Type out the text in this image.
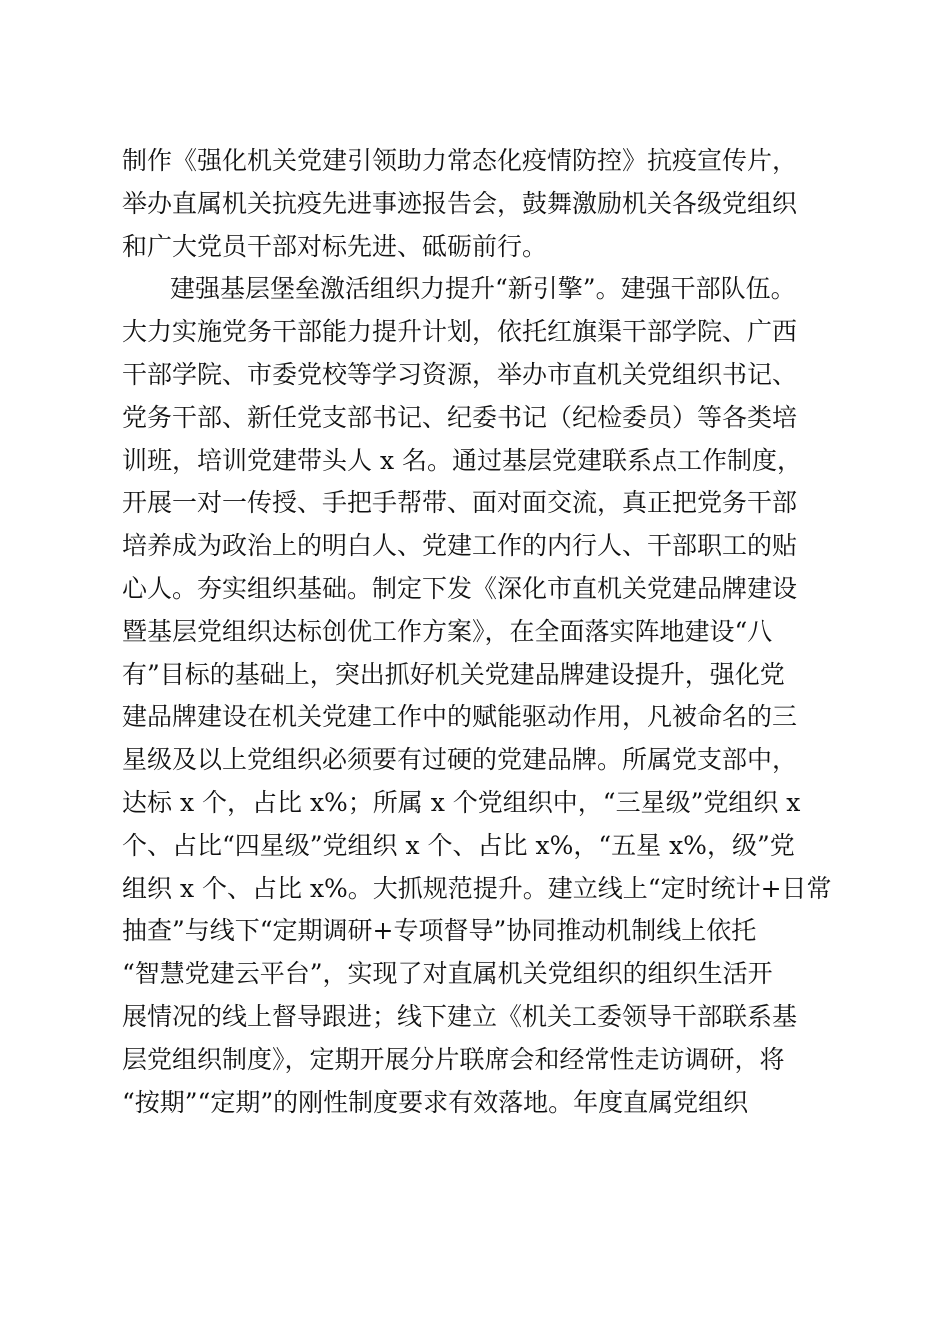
制作《强化机关党建引领助力常态化疫情防控》抗疫宣传片，
举办直属机关抗疫先进事迹报告会，鼓舞激励机关各级党组织
和广大党员干部对标先进、砥砺前行。
建强基层堡垒激活组织力提升“新引擎”。建强干部队伍。
大力实施党务干部能力提升计划，依托红旗渠干部学院、广西
干部学院、市委党校等学习资源，举办市直机关党组织书记、
党务干部、新任党支部书记、纪委书记（纪检委员）等各类培
训班，培训党建带头人 x 名。通过基层党建联系点工作制度，
开展一对一传授、手把手帮带、面对面交流，真正把党务干部
培养成为政治上的明白人、党建工作的内行人、干部职工的贴
心人。夯实组织基础。制定下发《深化市直机关党建品牌建设
暨基层党组织达标创优工作方案》，在全面落实阵地建设“八
有”目标的基础上，突出抓好机关党建品牌建设提升，强化党
建品牌建设在机关党建工作中的赋能驱动作用，凡被命名的三
星级及以上党组织必须要有过硬的党建品牌。所属党支部中，
达标 x 个，占比 x%；所属 x 个党组织中，“三星级”党组织 x
个、占比“四星级”党组织 x 个、占比 x%，“五星 x%，级”党
组织 x 个、占比 x%。大抓规范提升。建立线上“定时统计+日常
抽查”与线下“定期调研+专项督导”协同推动机制线上依托
“智慧党建云平台”，实现了对直属机关党组织的组织生活开
展情况的线上督导跟进；线下建立《机关工委领导干部联系基
层党组织制度》，定期开展分片联席会和经常性走访调研，将
“按期”“定期”的刚性制度要求有效落地。年度直属党组织
